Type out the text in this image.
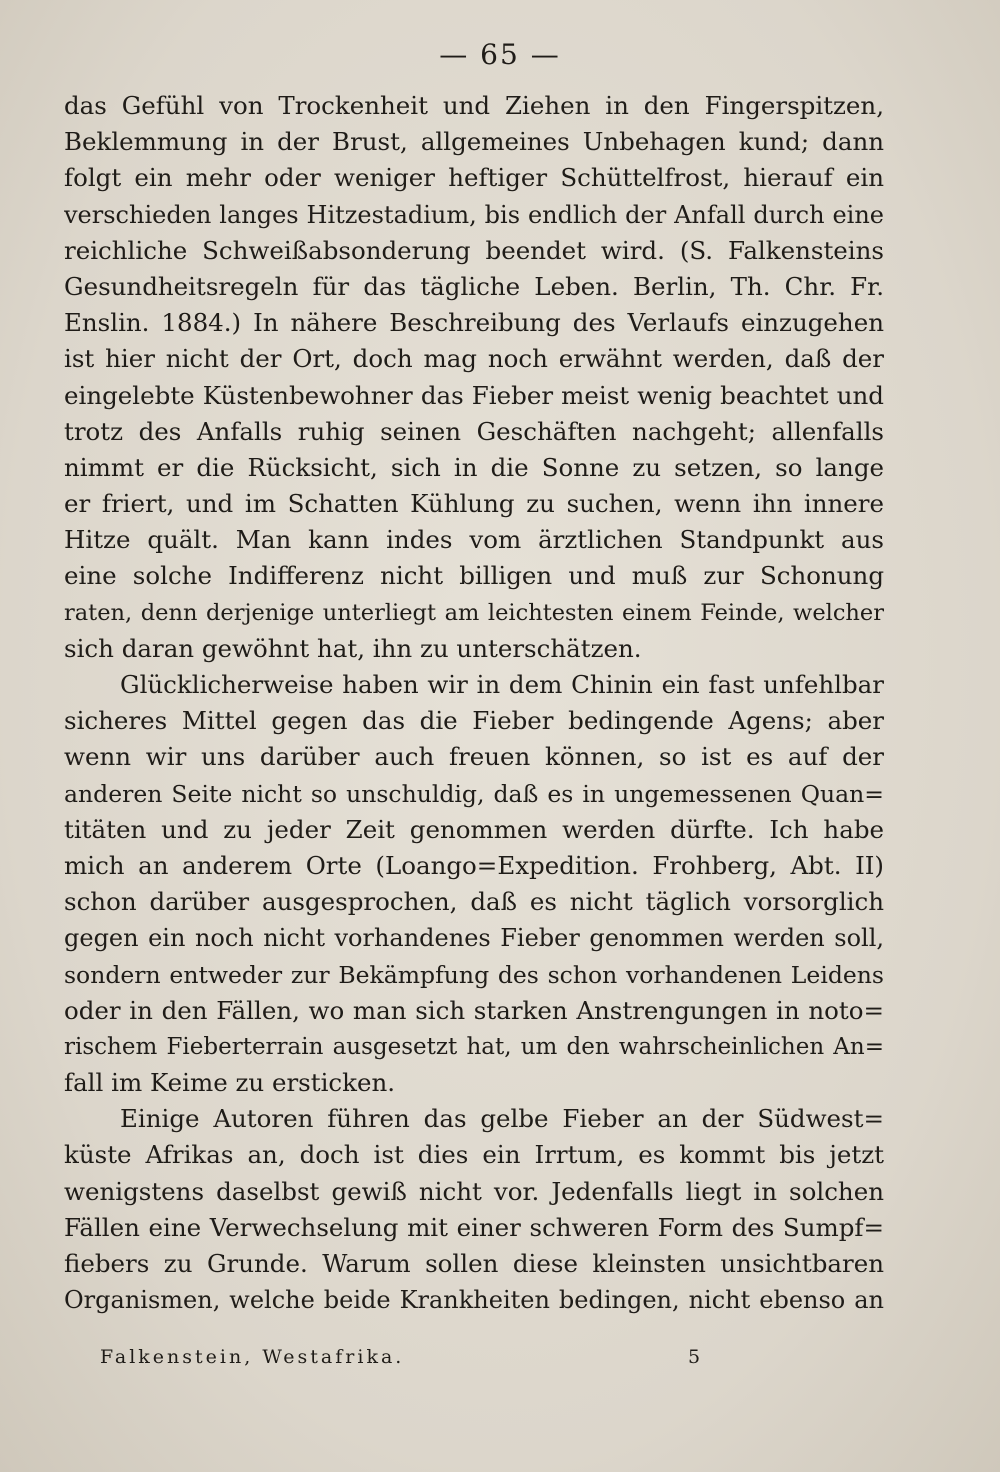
— 65 —
das Gefühl von Trockenheit und Ziehen in den Fingerspitzen,
Beklemmung in der Brust, allgemeines Unbehagen kund; dann
folgt ein mehr oder weniger heftiger Schüttelfrost, hierauf ein
verschieden langes Hitzestadium, bis endlich der Anfall durch eine
reichliche Schweißabsonderung beendet wird. (S. Falkensteins
Gesundheitsregeln für das tägliche Leben. Berlin, Th. Chr. Fr.
Enslin. 1884.) In nähere Beschreibung des Verlaufs einzugehen
ist hier nicht der Ort, doch mag noch erwähnt werden, daß der
eingelebte Küstenbewohner das Fieber meist wenig beachtet und
trotz des Anfalls ruhig seinen Geschäften nachgeht; allenfalls
nimmt er die Rücksicht, sich in die Sonne zu setzen, so lange
er friert, und im Schatten Kühlung zu suchen, wenn ihn innere
Hitze quält. Man kann indes vom ärztlichen Standpunkt aus
eine solche Indifferenz nicht billigen und muß zur Schonung
raten, denn derjenige unterliegt am leichtesten einem Feinde, welcher
sich daran gewöhnt hat, ihn zu unterschätzen.
Glücklicherweise haben wir in dem Chinin ein fast unfehlbar
sicheres Mittel gegen das die Fieber bedingende Agens; aber
wenn wir uns darüber auch freuen können, so ist es auf der
anderen Seite nicht so unschuldig, daß es in ungemessenen Quan=
titäten und zu jeder Zeit genommen werden dürfte. Ich habe
mich an anderem Orte (Loango=Expedition. Frohberg, Abt. II)
schon darüber ausgesprochen, daß es nicht täglich vorsorglich
gegen ein noch nicht vorhandenes Fieber genommen werden soll,
sondern entweder zur Bekämpfung des schon vorhandenen Leidens
oder in den Fällen, wo man sich starken Anstrengungen in noto=
rischem Fieberterrain ausgesetzt hat, um den wahrscheinlichen An=
fall im Keime zu ersticken.
Einige Autoren führen das gelbe Fieber an der Südwest=
küste Afrikas an, doch ist dies ein Irrtum, es kommt bis jetzt
wenigstens daselbst gewiß nicht vor. Jedenfalls liegt in solchen
Fällen eine Verwechselung mit einer schweren Form des Sumpf=
fiebers zu Grunde. Warum sollen diese kleinsten unsichtbaren
Organismen, welche beide Krankheiten bedingen, nicht ebenso an
Falkenstein, Westafrika.	5
